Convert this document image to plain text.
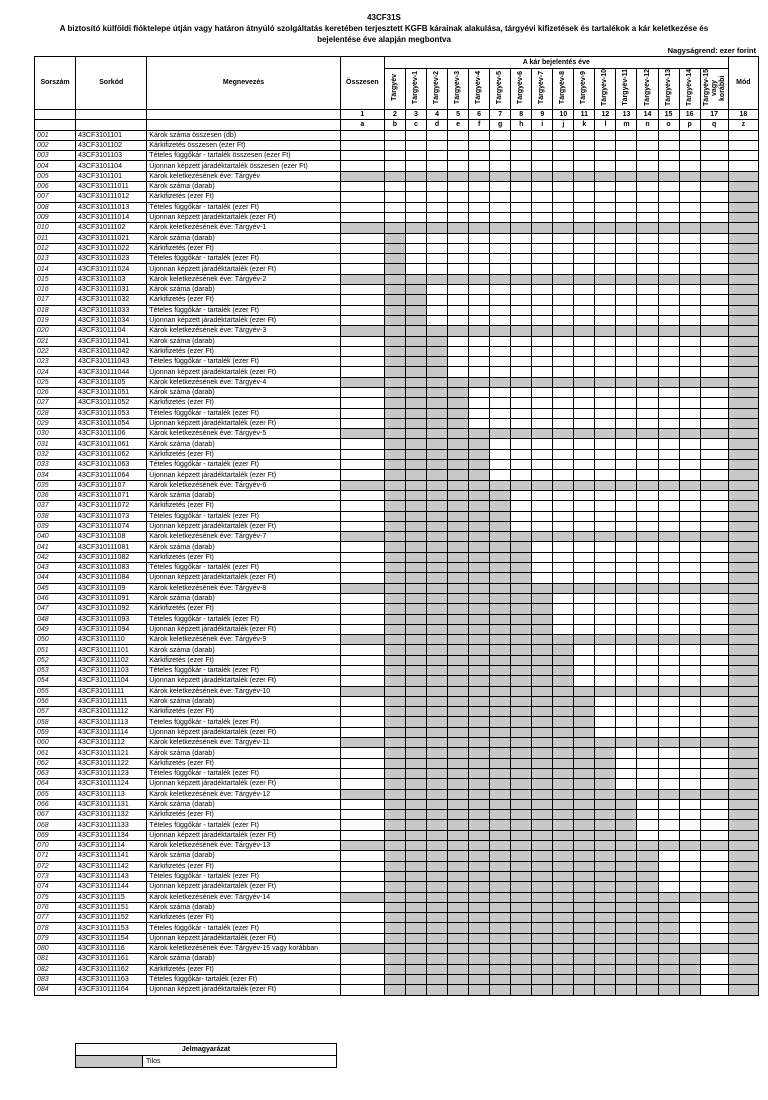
43CF31S
A biztosító külföldi fióktelepe útján vagy határon átnyúló szolgáltatás keretében terjesztett KGFB kárainak alakulása, tárgyévi kifizetések és tartalékok a kár keletkezése és bejelentése éve alapján megbontva
Nagyságrend: ezer forint
Sorszám	Sorkód	Megnevezés	Összesen	A kár bejelentés éve																Mód
				Tárgyév	Tárgyév-1	Tárgyév-2	Tárgyév-3	Tárgyév-4	Tárgyév-5	Tárgyév-6	Tárgyév-7	Tárgyév-8	Tárgyév-9	Tárgyév-10	Tárgyév-11	Tárgyév-12	Tárgyév-13	Tárgyév-14	Tárgyév-15 vagy korábbi	
			1	2	3	4	5	6	7	8	9	10	11	12	13	14	15	16	17	18
			a	b	c	d	e	f	g	h	i	j	k	l	m	n	o	p	q	z
001	43CF3101101	Károk száma összesen (db)																		
002	43CF3101102	Kárkifizetés összesen (ezer Ft)																		
003	43CF3101103	Tételes függőkár - tartalék összesen (ezer Ft)																		
004	43CF3101104	Újonnan képzett járadéktartalék összesen (ezer Ft)																		
005	43CF3101101	Károk keletkezésének éve: Tárgyév																		
006	43CF310111011	Károk száma (darab)																		
007	43CF310111012	Kárkifizetés (ezer Ft)																		
008	43CF310111013	Tételes függőkár - tartalék (ezer Ft)																		
009	43CF310111014	Újonnan képzett járadéktartalék (ezer Ft)																		
010	43CF31011102	Károk keletkezésének éve: Tárgyév-1																		
011	43CF310111021	Károk száma (darab)																		
012	43CF310111022	Kárkifizetés (ezer Ft)																		
013	43CF310111023	Tételes függőkár - tartalék (ezer Ft)																		
014	43CF310111024	Újonnan képzett járadéktartalék (ezer Ft)																		
015	43CF31011103	Károk keletkezésének éve: Tárgyév-2																		
016	43CF310111031	Károk száma (darab)																		
017	43CF310111032	Kárkifizetés (ezer Ft)																		
018	43CF310111033	Tételes függőkár - tartalék (ezer Ft)																		
019	43CF310111034	Újonnan képzett járadéktartalék (ezer Ft)																		
020	43CF31011104	Károk keletkezésének éve: Tárgyév-3																		
021	43CF310111041	Károk száma (darab)																		
022	43CF310111042	Kárkifizetés (ezer Ft)																		
023	43CF310111043	Tételes függőkár - tartalék (ezer Ft)																		
024	43CF310111044	Újonnan képzett járadéktartalék (ezer Ft)																		
025	43CF31011105	Károk keletkezésének éve: Tárgyév-4																		
026	43CF310111051	Károk száma (darab)																		
027	43CF310111052	Kárkifizetés (ezer Ft)																		
028	43CF310111053	Tételes függőkár - tartalék (ezer Ft)																		
029	43CF310111054	Újonnan képzett járadéktartalék (ezer Ft)																		
030	43CF31011106	Károk keletkezésének éve: Tárgyév-5																		
031	43CF310111061	Károk száma (darab)																		
032	43CF310111062	Kárkifizetés (ezer Ft)																		
033	43CF310111063	Tételes függőkár - tartalék (ezer Ft)																		
034	43CF310111064	Újonnan képzett járadéktartalék (ezer Ft)																		
035	43CF31011107	Károk keletkezésének éve: Tárgyév-6																		
036	43CF310111071	Károk száma (darab)																		
037	43CF310111072	Kárkifizetés (ezer Ft)																		
038	43CF310111073	Tételes függőkár - tartalék (ezer Ft)																		
039	43CF310111074	Újonnan képzett járadéktartalék (ezer Ft)																		
040	43CF31011108	Károk keletkezésének éve: Tárgyév-7																		
041	43CF310111081	Károk száma (darab)																		
042	43CF310111082	Kárkifizetés (ezer Ft)																		
043	43CF310111083	Tételes függőkár - tartalék (ezer Ft)																		
044	43CF310111084	Újonnan képzett járadéktartalék (ezer Ft)																		
045	43CF31011109	Károk keletkezésének éve: Tárgyév-8																		
046	43CF310111091	Károk száma (darab)																		
047	43CF310111092	Kárkifizetés (ezer Ft)																		
048	43CF310111093	Tételes függőkár - tartalék (ezer Ft)																		
049	43CF310111094	Újonnan képzett járadéktartalék (ezer Ft)																		
050	43CF31011110	Károk keletkezésének éve: Tárgyév-9																		
051	43CF310111101	Károk száma (darab)																		
052	43CF310111102	Kárkifizetés (ezer Ft)																		
053	43CF310111103	Tételes függőkár - tartalék (ezer Ft)																		
054	43CF310111104	Újonnan képzett járadéktartalék (ezer Ft)																		
055	43CF31011111	Károk keletkezésének éve: Tárgyév-10																		
056	43CF310111111	Károk száma (darab)																		
057	43CF310111112	Kárkifizetés (ezer Ft)																		
058	43CF310111113	Tételes függőkár - tartalék (ezer Ft)																		
059	43CF310111114	Újonnan képzett járadéktartalék (ezer Ft)																		
060	43CF31011112	Károk keletkezésének éve: Tárgyév-11																		
061	43CF310111121	Károk száma (darab)																		
062	43CF310111122	Kárkifizetés (ezer Ft)																		
063	43CF310111123	Tételes függőkár - tartalék (ezer Ft)																		
064	43CF310111124	Újonnan képzett járadéktartalék (ezer Ft)																		
065	43CF31011113	Károk keletkezésének éve: Tárgyév-12																		
066	43CF310111131	Károk száma (darab)																		
067	43CF310111132	Kárkifizetés (ezer Ft)																		
068	43CF310111133	Tételes függőkár - tartalék (ezer Ft)																		
069	43CF310111134	Újonnan képzett járadéktartalék (ezer Ft)																		
070	43CF31011114	Károk keletkezésének éve: Tárgyév-13																		
071	43CF310111141	Károk száma (darab)																		
072	43CF310111142	Kárkifizetés (ezer Ft)																		
073	43CF310111143	Tételes függőkár - tartalék (ezer Ft)																		
074	43CF310111144	Újonnan képzett járadéktartalék (ezer Ft)																		
075	43CF31011115	Károk keletkezésének éve: Tárgyév-14																		
076	43CF310111151	Károk száma (darab)																		
077	43CF310111152	Kárkifizetés (ezer Ft)																		
078	43CF310111153	Tételes függőkár - tartalék (ezer Ft)																		
079	43CF310111154	Újonnan képzett járadéktartalék (ezer Ft)																		
080	43CF31011116	Károk keletkezésének éve: Tárgyév-15 vagy korábban																		
081	43CF310111161	Károk száma (darab)																		
082	43CF310111162	Kárkifizetés (ezer Ft)																		
083	43CF310111163	Tételes függőkár- tartalék (ezer Ft)																		
084	43CF310111164	Újonnan képzett járadéktartalék (ezer Ft)																		
Jelmagyarázat
	Tilos
